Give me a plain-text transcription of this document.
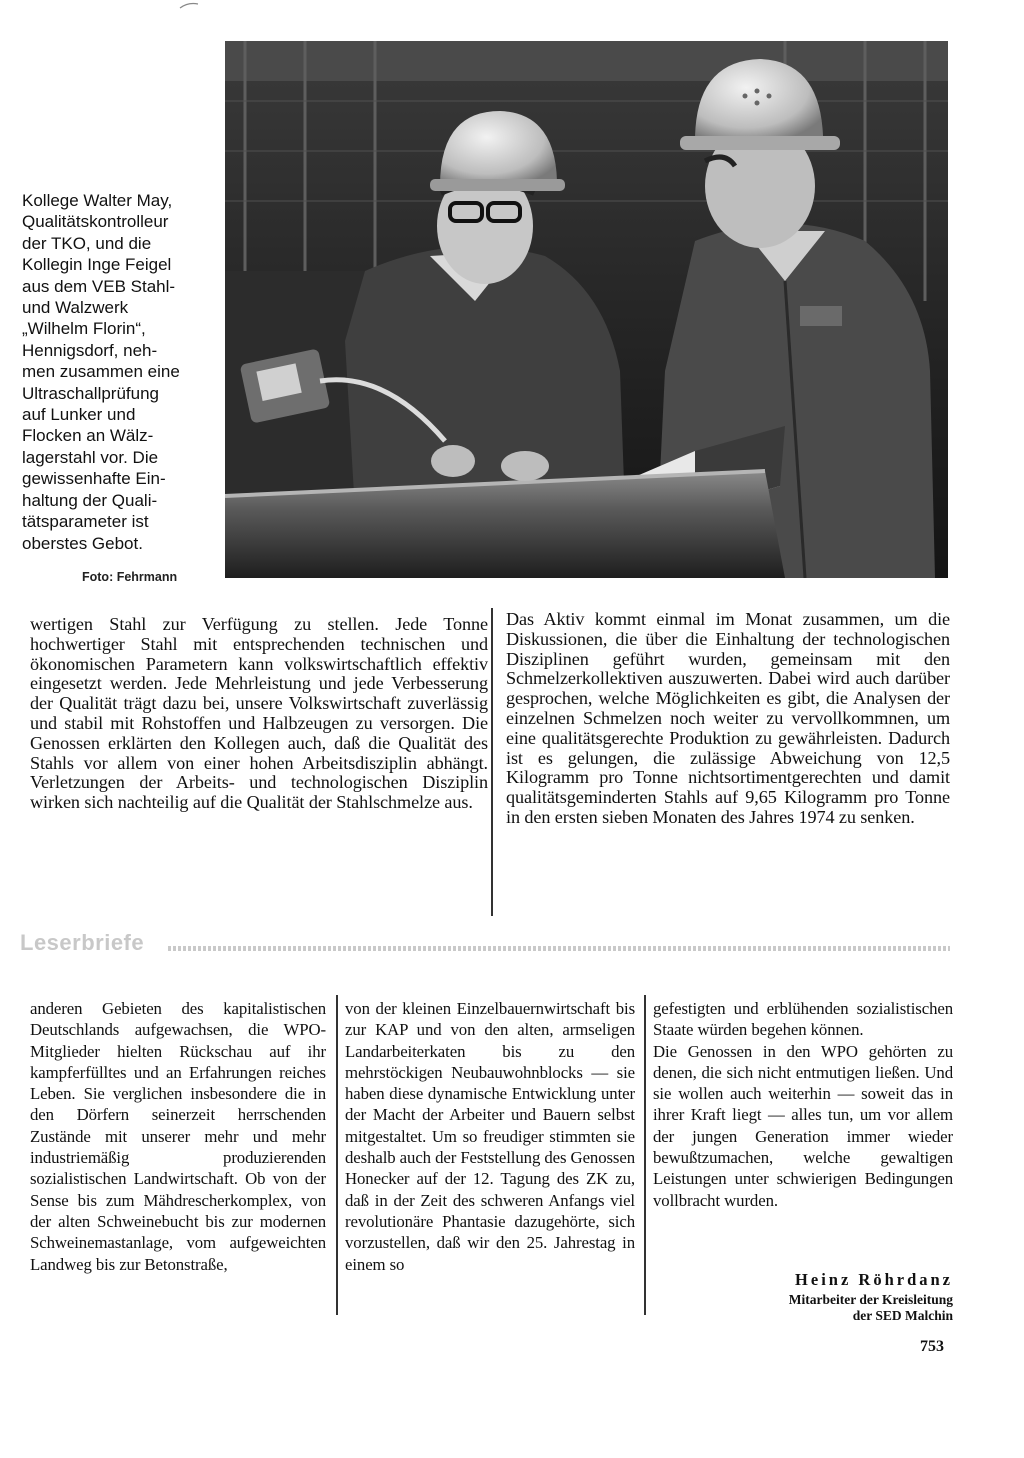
Kollege Walter May,
Qualitätskontrolleur
der TKO, und die
Kollegin Inge Feigel
aus dem VEB Stahl-
und Walzwerk
„Wilhelm Florin“,
Hennigsdorf, neh-
men zusammen eine
Ultraschallprüfung
auf Lunker und
Flocken an Wälz-
lagerstahl vor. Die
gewissenhafte Ein-
haltung der Quali-
tätsparameter ist
oberstes Gebot.
Foto: Fehrmann
wertigen Stahl zur Verfügung zu stellen. Jede Tonne hochwertiger Stahl mit entsprechenden technischen und ökonomischen Parametern kann volkswirtschaftlich effektiv eingesetzt werden. Jede Mehrleistung und jede Verbesserung der Qualität trägt dazu bei, unsere Volkswirtschaft zuverlässig und stabil mit Rohstoffen und Halbzeugen zu versorgen. Die Genossen erklärten den Kollegen auch, daß die Qualität des Stahls vor allem von einer hohen Arbeitsdisziplin abhängt. Verletzungen der Arbeits- und technologischen Disziplin wirken sich nachteilig auf die Qualität der Stahlschmelze aus.
Das Aktiv kommt einmal im Monat zusammen, um die Diskussionen, die über die Einhaltung der technologischen Disziplinen geführt wurden, gemeinsam mit den Schmelzerkollektiven auszuwerten. Dabei wird auch darüber gesprochen, welche Möglichkeiten es gibt, die Analysen der einzelnen Schmelzen noch weiter zu vervollkommnen, um eine qualitätsgerechte Produktion zu gewährleisten. Dadurch ist es gelungen, die zulässige Abweichung von 12,5 Kilogramm pro Tonne nichtsortimentgerechten und damit qualitätsgeminderten Stahls auf 9,65 Kilogramm pro Tonne in den ersten sieben Monaten des Jahres 1974 zu senken.
Leserbriefe
anderen Gebieten des kapitalistischen Deutschlands aufgewachsen, die WPO-Mitglieder hielten Rückschau auf ihr kampferfülltes und an Erfahrungen reiches Leben. Sie verglichen insbesondere die in den Dörfern seinerzeit herrschenden Zustände mit unserer mehr und mehr industriemäßig produzierenden sozialistischen Landwirtschaft. Ob von der Sense bis zum Mähdrescherkomplex, von der alten Schweinebucht bis zur modernen Schweinemastanlage, vom aufgeweichten Landweg bis zur Betonstraße,
von der kleinen Einzelbauernwirtschaft bis zur KAP und von den alten, armseligen Landarbeiterkaten bis zu den mehrstöckigen Neubauwohnblocks — sie haben diese dynamische Entwicklung unter der Macht der Arbeiter und Bauern selbst mitgestaltet. Um so freudiger stimmten sie deshalb auch der Feststellung des Genossen Honecker auf der 12. Tagung des ZK zu, daß in der Zeit des schweren Anfangs viel revolutionäre Phantasie dazugehörte, sich vorzustellen, daß wir den 25. Jahrestag in einem so
gefestigten und erblühenden sozialistischen Staate würden begehen können.
Die Genossen in den WPO gehörten zu denen, die sich nicht entmutigen ließen. Und sie wollen auch weiterhin — soweit das in ihrer Kraft liegt — alles tun, um vor allem der jungen Generation immer wieder bewußtzumachen, welche gewaltigen Leistungen unter schwierigen Bedingungen vollbracht wurden.
Heinz Röhrdanz
Mitarbeiter der Kreisleitung
der SED Malchin
753
